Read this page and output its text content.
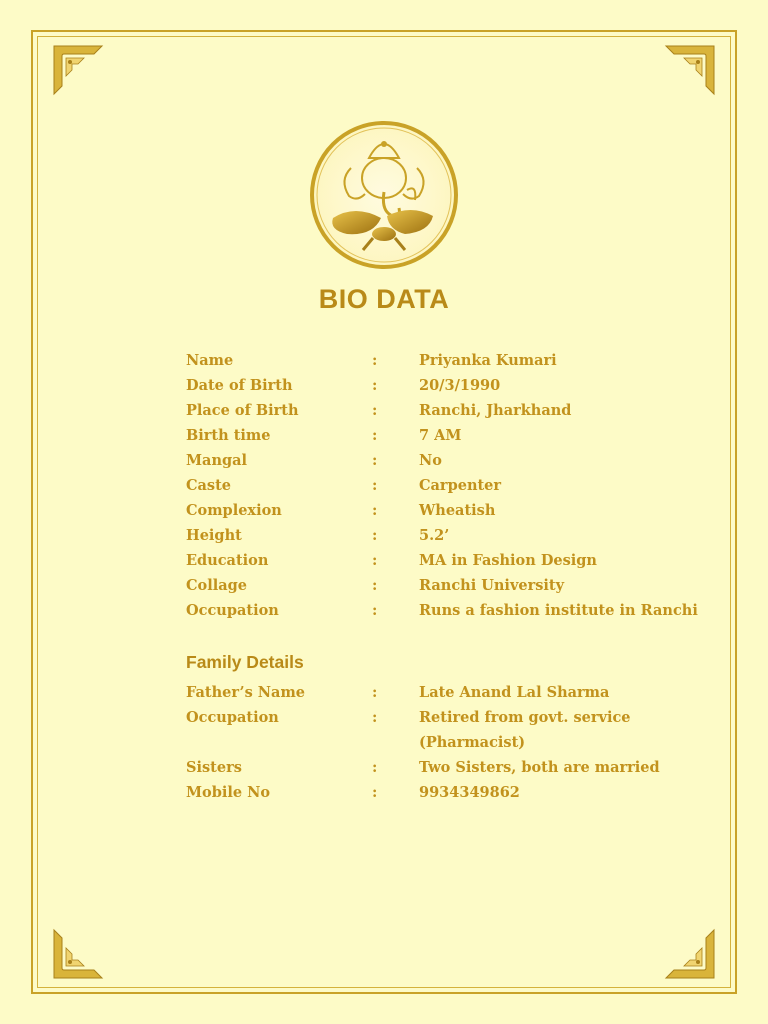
BIO DATA
Name	:	Priyanka Kumari
Date of Birth	:	20/3/1990
Place of Birth	:	Ranchi, Jharkhand
Birth time	:	7 AM
Mangal	:	No
Caste	:	Carpenter
Complexion	:	Wheatish
Height	:	5.2’
Education	:	MA in Fashion Design
Collage	:	Ranchi University
Occupation	:	Runs a fashion institute in Ranchi
Family Details
Father’s Name	:	Late Anand Lal Sharma
Occupation	:	Retired from govt. service
(Pharmacist)
Sisters	:	Two Sisters, both are married
Mobile No	:	9934349862
